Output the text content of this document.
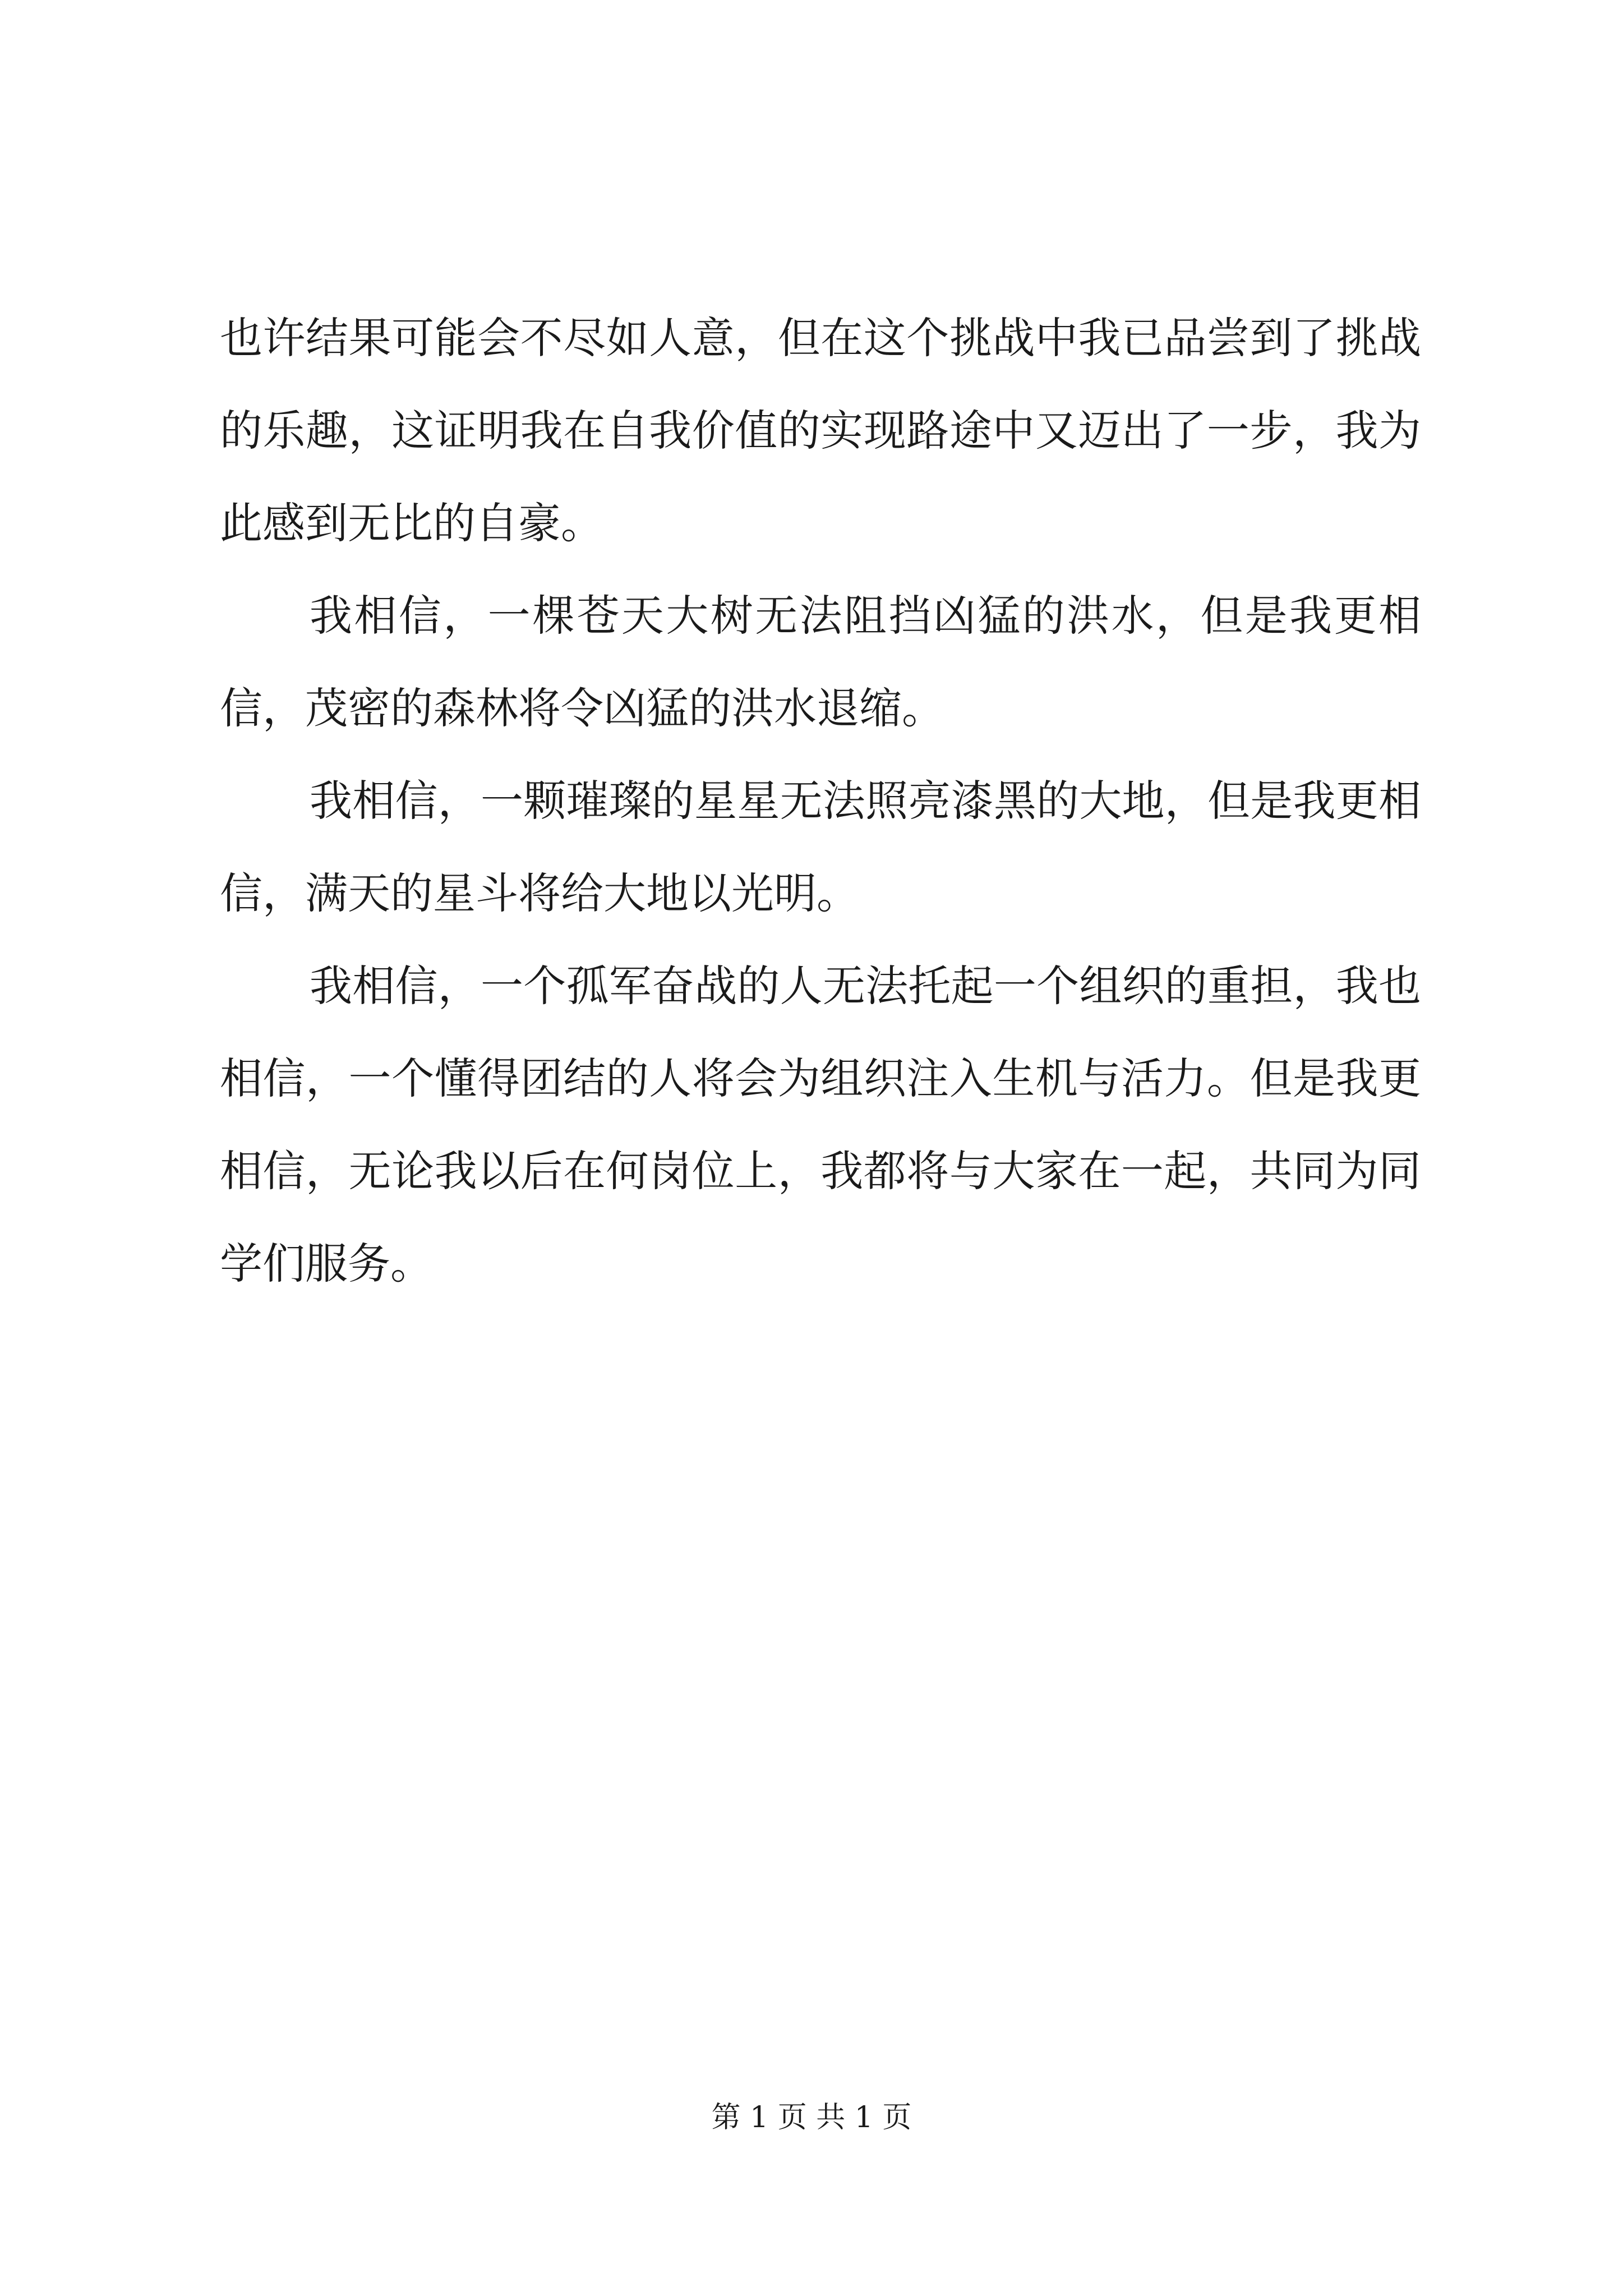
也许结果可能会不尽如人意，但在这个挑战中我已品尝到了挑战的乐趣，这证明我在自我价值的实现路途中又迈出了一步，我为此感到无比的自豪。

我相信，一棵苍天大树无法阻挡凶猛的洪水，但是我更相信，茂密的森林将令凶猛的洪水退缩。

我相信，一颗璀璨的星星无法照亮漆黑的大地，但是我更相信，满天的星斗将给大地以光明。

我相信，一个孤军奋战的人无法托起一个组织的重担，我也相信，一个懂得团结的人将会为组织注入生机与活力。但是我更相信，无论我以后在何岗位上，我都将与大家在一起，共同为同学们服务。

第 1 页 共 1 页
